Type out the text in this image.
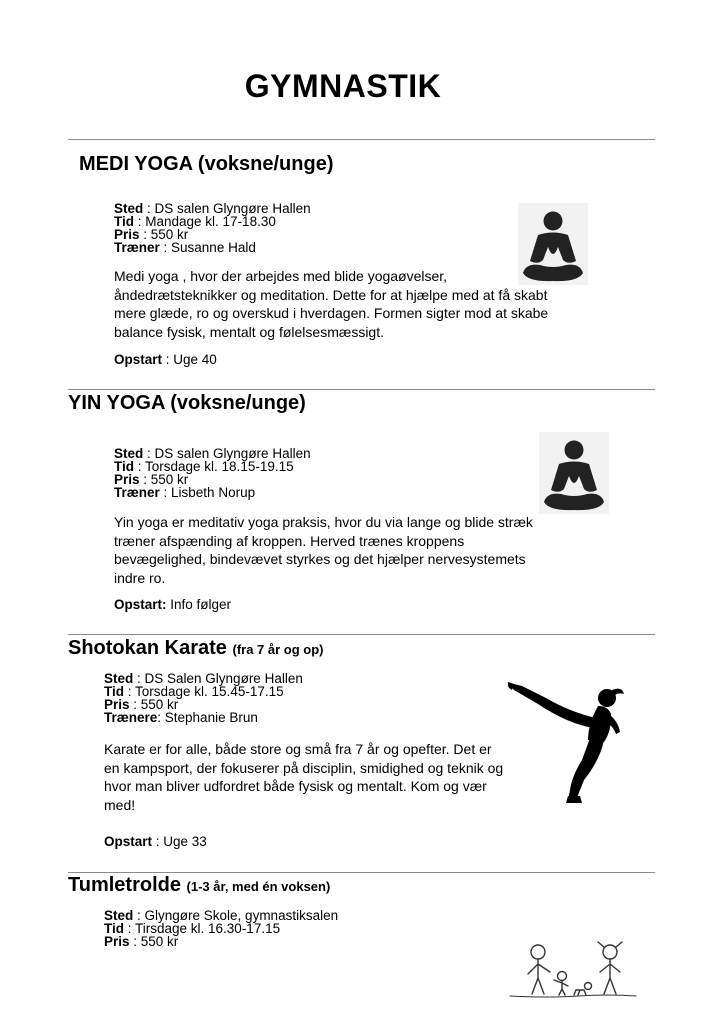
GYMNASTIK
MEDI YOGA (voksne/unge)
Sted : DS salen Glyngøre Hallen
Tid : Mandage kl. 17-18.30
Pris : 550 kr
Træner : Susanne Hald
Medi yoga , hvor der arbejdes med blide yogaøvelser, åndedrætsteknikker og meditation. Dette for at hjælpe med at få skabt mere glæde, ro og overskud i hverdagen. Formen sigter mod at skabe balance fysisk, mentalt og følelsesmæssigt.
Opstart : Uge 40
YIN YOGA (voksne/unge)
Sted : DS salen Glyngøre Hallen
Tid : Torsdage kl. 18.15-19.15
Pris : 550 kr
Træner : Lisbeth Norup
Yin yoga er meditativ yoga praksis, hvor du via lange og blide stræk træner afspænding af kroppen. Herved trænes kroppens bevægelighed, bindevævet styrkes og det hjælper nervesystemets indre ro.
Opstart: Info følger
Shotokan Karate (fra 7 år og op)
Sted : DS Salen Glyngøre Hallen
Tid : Torsdage kl. 15.45-17.15
Pris : 550 kr
Trænere: Stephanie Brun
Karate er for alle, både store og små fra 7 år og opefter. Det er en kampsport, der fokuserer på disciplin, smidighed og teknik og hvor man bliver udfordret både fysisk og mentalt. Kom og vær med!
Opstart : Uge 33
Tumletrolde (1-3 år, med én voksen)
Sted : Glyngøre Skole, gymnastiksalen
Tid : Tirsdage kl. 16.30-17.15
Pris : 550 kr
